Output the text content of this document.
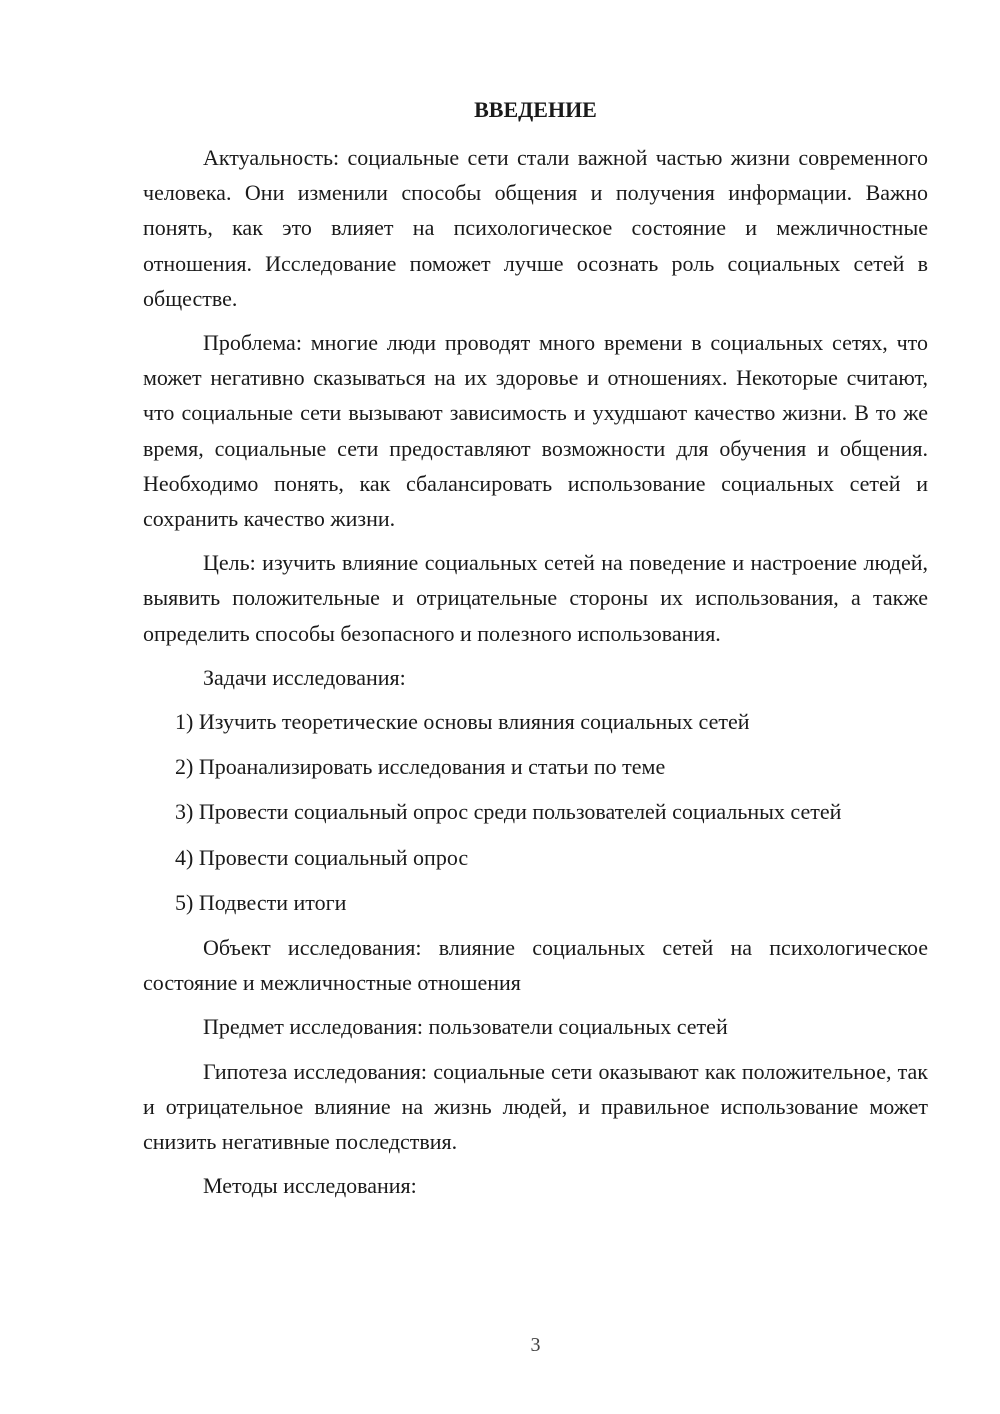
ВВЕДЕНИЕ

Актуальность: социальные сети стали важной частью жизни современного человека. Они изменили способы общения и получения информации. Важно понять, как это влияет на психологическое состояние и межличностные отношения. Исследование поможет лучше осознать роль социальных сетей в обществе.

Проблема: многие люди проводят много времени в социальных сетях, что может негативно сказываться на их здоровье и отношениях. Некоторые считают, что социальные сети вызывают зависимость и ухудшают качество жизни. В то же время, социальные сети предоставляют возможности для обучения и общения. Необходимо понять, как сбалансировать использование социальных сетей и сохранить качество жизни.

Цель: изучить влияние социальных сетей на поведение и настроение людей, выявить положительные и отрицательные стороны их использования, а также определить способы безопасного и полезного использования.

Задачи исследования:

1) Изучить теоретические основы влияния социальных сетей

2) Проанализировать исследования и статьи по теме

3) Провести социальный опрос среди пользователей социальных сетей

4) Провести социальный опрос

5) Подвести итоги

Объект исследования: влияние социальных сетей на психологическое состояние и межличностные отношения

Предмет исследования: пользователи социальных сетей

Гипотеза исследования: социальные сети оказывают как положительное, так и отрицательное влияние на жизнь людей, и правильное использование может снизить негативные последствия.

Методы исследования:

3
